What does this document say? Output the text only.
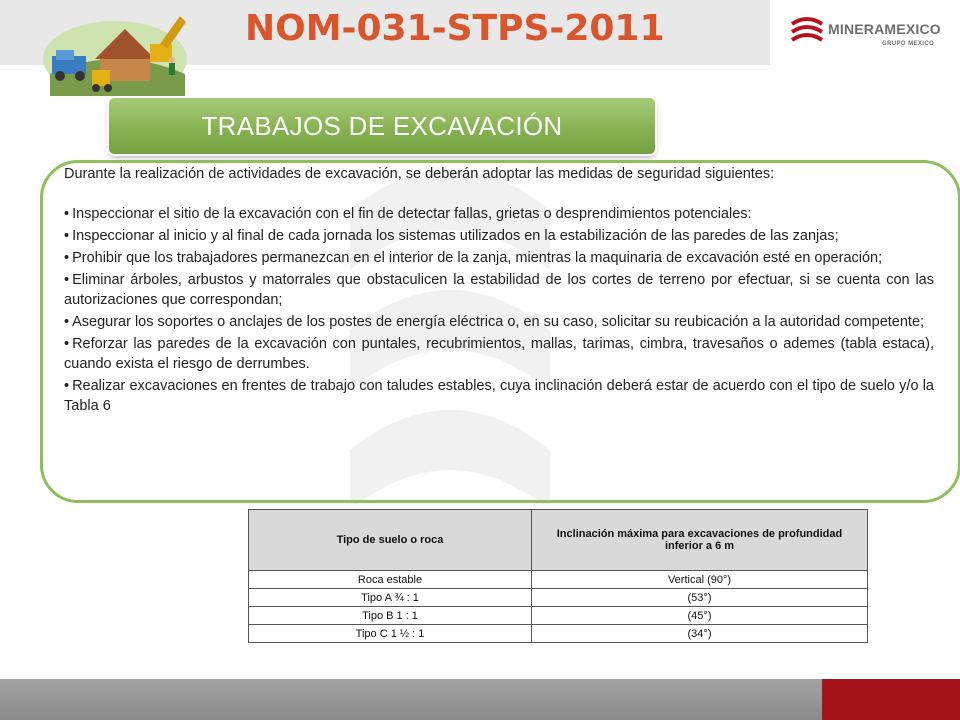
NOM-031-STPS-2011	MINERAMEXICO
GRUPO MEXICO
TRABAJOS DE EXCAVACIÓN

Durante la realización de actividades de excavación, se deberán adoptar las medidas de seguridad siguientes:

• Inspeccionar el sitio de la excavación con el fin de detectar fallas, grietas o desprendimientos potenciales:
• Inspeccionar al inicio y al final de cada jornada los sistemas utilizados en la estabilización de las paredes de las zanjas;
• Prohibir que los trabajadores permanezcan en el interior de la zanja, mientras la maquinaria de excavación esté en operación;
• Eliminar árboles, arbustos y matorrales que obstaculicen la estabilidad de los cortes de terreno por efectuar, si se cuenta con las autorizaciones que correspondan;
• Asegurar los soportes o anclajes de los postes de energía eléctrica o, en su caso, solicitar su reubicación a la autoridad competente;
• Reforzar las paredes de la excavación con puntales, recubrimientos, mallas, tarimas, cimbra, travesaños o ademes (tabla estaca), cuando exista el riesgo de derrumbes.
• Realizar excavaciones en frentes de trabajo con taludes estables, cuya inclinación deberá estar de acuerdo con el tipo de suelo y/o la Tabla 6
Tipo de suelo o roca	Inclinación máxima para excavaciones de profundidad inferior a 6 m
Roca estable	Vertical (90°)
Tipo A ¾ : 1	(53°)
Tipo B 1 : 1	(45°)
Tipo C 1 ½ : 1	(34°)
